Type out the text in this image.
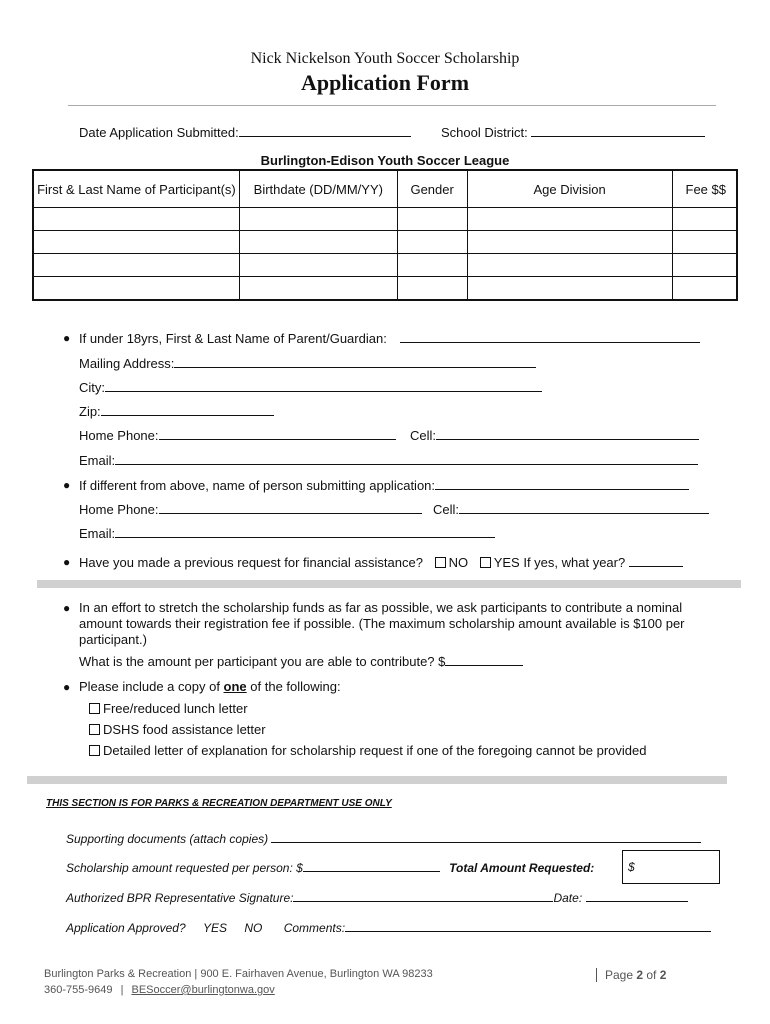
Nick Nickelson Youth Soccer Scholarship
Application Form
Date Application Submitted:	School District:
Burlington-Edison Youth Soccer League
First & Last Name of Participant(s)	Birthdate (DD/MM/YY)	Gender	Age Division	Fee $$

● If under 18yrs, First & Last Name of Parent/Guardian:
Mailing Address:
City:
Zip:
Home Phone:	Cell:
Email:
● If different from above, name of person submitting application:
Home Phone:	Cell:
Email:
● Have you made a previous request for financial assistance? NO YES If yes, what year?
● In an effort to stretch the scholarship funds as far as possible, we ask participants to contribute a nominal amount towards their registration fee if possible. (The maximum scholarship amount available is $100 per participant.)
What is the amount per participant you are able to contribute? $
● Please include a copy of one of the following:
Free/reduced lunch letter
DSHS food assistance letter
Detailed letter of explanation for scholarship request if one of the foregoing cannot be provided
THIS SECTION IS FOR PARKS & RECREATION DEPARTMENT USE ONLY
Supporting documents (attach copies)
Scholarship amount requested per person: $	Total Amount Requested:	$
Authorized BPR Representative Signature:	Date:
Application Approved? YES NO Comments:
Burlington Parks & Recreation | 900 E. Fairhaven Avenue, Burlington WA 98233
360-755-9649 | BESoccer@burlingtonwa.gov
Page 2 of 2
